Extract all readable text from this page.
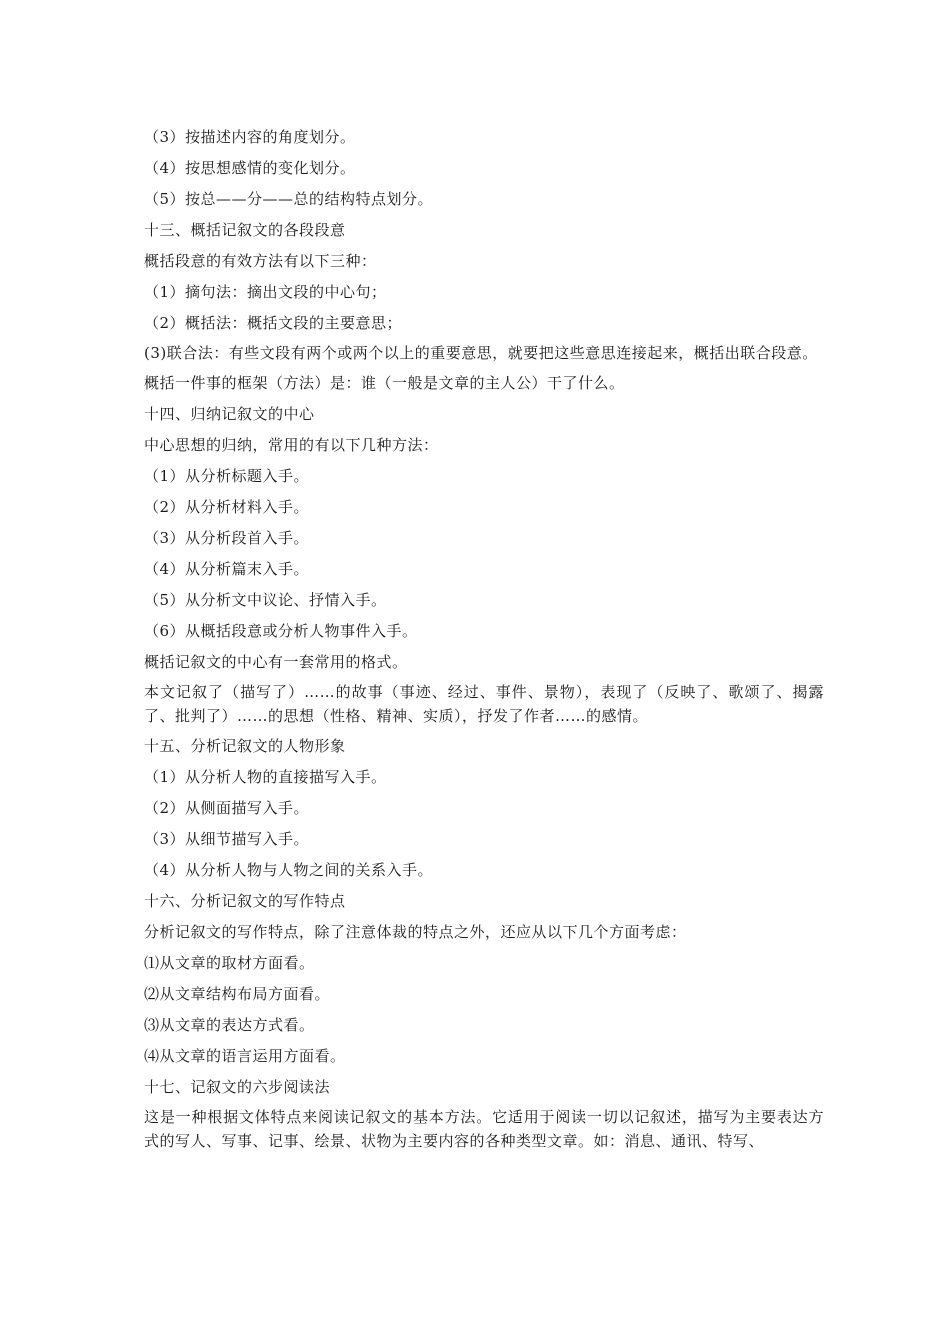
（3）按描述内容的角度划分。

（4）按思想感情的变化划分。

（5）按总——分——总的结构特点划分。

十三、概括记叙文的各段段意

概括段意的有效方法有以下三种：

（1）摘句法：摘出文段的中心句；

（2）概括法：概括文段的主要意思；

(3)联合法：有些文段有两个或两个以上的重要意思，就要把这些意思连接起来，概括出联合段意。

概括一件事的框架（方法）是：谁（一般是文章的主人公）干了什么。

十四、归纳记叙文的中心

中心思想的归纳，常用的有以下几种方法：

（1）从分析标题入手。

（2）从分析材料入手。

（3）从分析段首入手。

（4）从分析篇末入手。

（5）从分析文中议论、抒情入手。

（6）从概括段意或分析人物事件入手。

概括记叙文的中心有一套常用的格式。

本文记叙了（描写了）……的故事（事迹、经过、事件、景物），表现了（反映了、歌颂了、揭露了、批判了）……的思想（性格、精神、实质），抒发了作者……的感情。

十五、分析记叙文的人物形象

（1）从分析人物的直接描写入手。

（2）从侧面描写入手。

（3）从细节描写入手。

（4）从分析人物与人物之间的关系入手。

十六、分析记叙文的写作特点

分析记叙文的写作特点，除了注意体裁的特点之外，还应从以下几个方面考虑：

⑴从文章的取材方面看。

⑵从文章结构布局方面看。

⑶从文章的表达方式看。

⑷从文章的语言运用方面看。

十七、记叙文的六步阅读法

这是一种根据文体特点来阅读记叙文的基本方法。它适用于阅读一切以记叙述，描写为主要表达方式的写人、写事、记事、绘景、状物为主要内容的各种类型文章。如：消息、通讯、特写、
